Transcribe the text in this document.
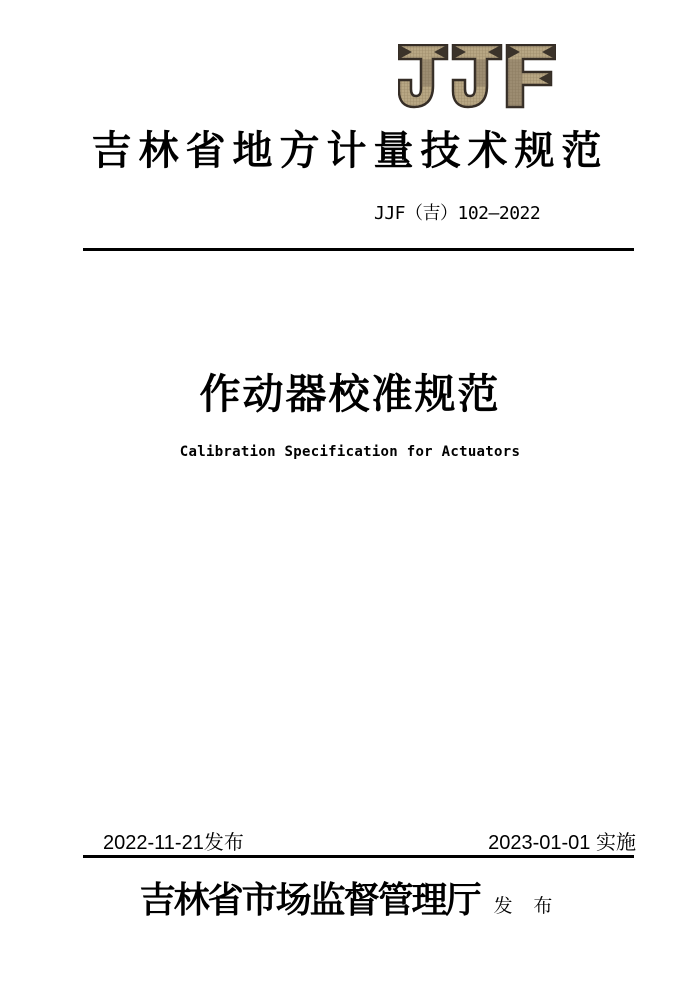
吉林省地方计量技术规范
JJF（吉）102—2022
作动器校准规范
Calibration Specification for Actuators
2022-11-21发布	2023-01-01 实施
吉林省市场监督管理厅 发 布
